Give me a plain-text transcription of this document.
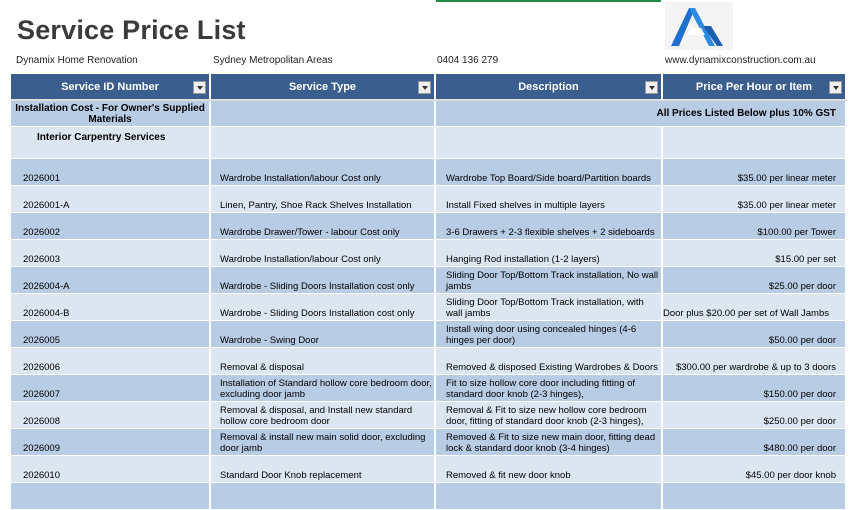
Service Price List
Dynamix Home Renovation	Sydney Metropolitan Areas	0404 136 279	www.dynamixconstruction.com.au
Service ID Number	Service Type	Description	Price Per Hour or Item

Installation Cost - For Owner's Supplied Materials		All Prices Listed Below plus 10% GST	
Interior Carpentry Services			
2026001	Wardrobe Installation/labour Cost only	Wardrobe Top Board/Side board/Partition boards	$35.00 per linear meter
2026001-A	Linen, Pantry, Shoe Rack Shelves Installation	Install Fixed shelves in multiple layers	$35.00 per linear meter
2026002	Wardrobe Drawer/Tower - labour Cost only	3-6 Drawers + 2-3 flexible shelves + 2 sideboards	$100.00 per Tower
2026003	Wardrobe Installation/labour Cost only	Hanging Rod installation (1-2 layers)	$15.00 per set
2026004-A	Wardrobe - Sliding Doors Installation cost only	Sliding Door Top/Bottom Track installation, No wall jambs	$25.00 per door
2026004-B	Wardrobe - Sliding Doors Installation cost only	Sliding Door Top/Bottom Track installation, with wall jambs	Door plus $20.00 per set of Wall Jambs
2026005	Wardrobe - Swing Door	Install wing door using concealed hinges (4-6 hinges per door)	$50.00 per door
2026006	Removal & disposal	Removed & disposed Existing Wardrobes & Doors	$300.00 per wardrobe & up to 3 doors
2026007	Installation of Standard hollow core bedroom door, excluding door jamb	Fit to size hollow core door including fitting of standard door knob (2-3 hinges),	$150.00 per door
2026008	Removal & disposal, and Install new standard hollow core bedroom door	Removal & Fit to size new hollow core bedroom door, fitting of standard door knob (2-3 hinges),	$250.00 per door
2026009	Removal & install new main solid door, excluding door jamb	Removed & Fit to size new main door, fitting dead lock & standard door knob (3-4 hinges)	$480.00 per door
2026010	Standard Door Knob replacement	Removed & fit new door knob	$45.00 per door knob
